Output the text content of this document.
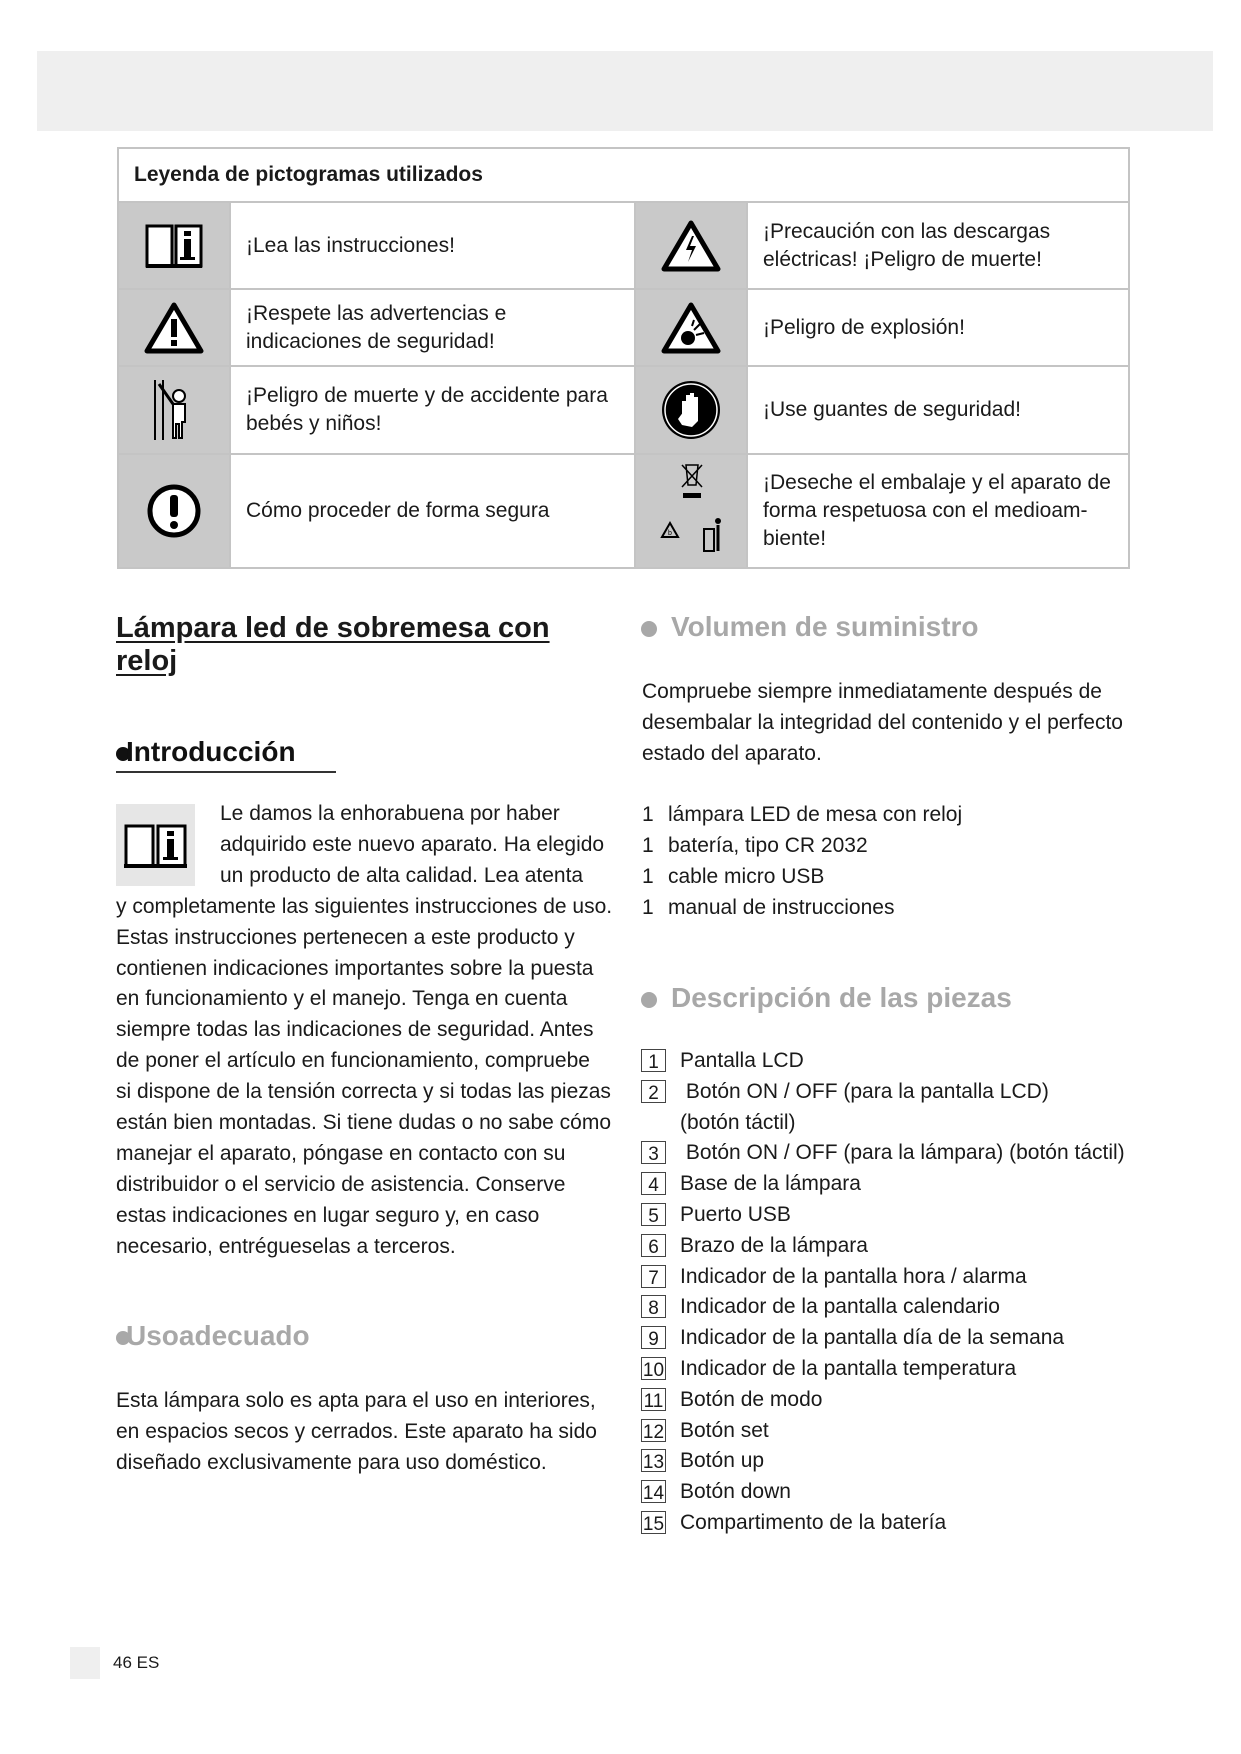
Leyenda de pictogramas utilizados			

	¡Lea las instrucciones!		¡Precaución con las descargas eléctricas! ¡Peligro de muerte!

	¡Respete las advertencias e indicaciones de seguridad!		¡Peligro de explosión!

	¡Peligro de muerte y de accidente para bebés y niños!		¡Use guantes de seguridad!

	Cómo proceder de forma segura	b	¡Deseche el embalaje y el aparato de forma respetuosa con el medioam-biente!
Lámpara led de sobremesa con reloj
Introducción
Le damos la enhorabuena por haber
adquirido este nuevo aparato. Ha elegido
un producto de alta calidad. Lea atenta
y completamente las siguientes instrucciones de uso.
Estas instrucciones pertenecen a este producto y
contienen indicaciones importantes sobre la puesta
en funcionamiento y el manejo. Tenga en cuenta
siempre todas las indicaciones de seguridad. Antes
de poner el artículo en funcionamiento, compruebe
si dispone de la tensión correcta y si todas las piezas
están bien montadas. Si tiene dudas o no sabe cómo
manejar el aparato, póngase en contacto con su
distribuidor o el servicio de asistencia. Conserve
estas indicaciones en lugar seguro y, en caso
necesario, entrégueselas a terceros.
Usoadecuado
Esta lámpara solo es apta para el uso en interiores,
en espacios secos y cerrados. Este aparato ha sido
diseñado exclusivamente para uso doméstico.
Volumen de suministro
Compruebe siempre inmediatamente después de
desembalar la integridad del contenido y el perfecto
estado del aparato.
1 lámpara LED de mesa con reloj
1 batería, tipo CR 2032
1 cable micro USB
1 manual de instrucciones
Descripción de las piezas
1	Pantalla LCD
2	Botón ON / OFF (para la pantalla LCD)
(botón táctil)
3	Botón ON / OFF (para la lámpara) (botón táctil)
4	Base de la lámpara
5	Puerto USB
6	Brazo de la lámpara
7	Indicador de la pantalla hora / alarma
8	Indicador de la pantalla calendario
9	Indicador de la pantalla día de la semana
10 Indicador de la pantalla temperatura
11 Botón de modo
12 Botón set
13 Botón up
14 Botón down
15 Compartimento de la batería
46 ES
